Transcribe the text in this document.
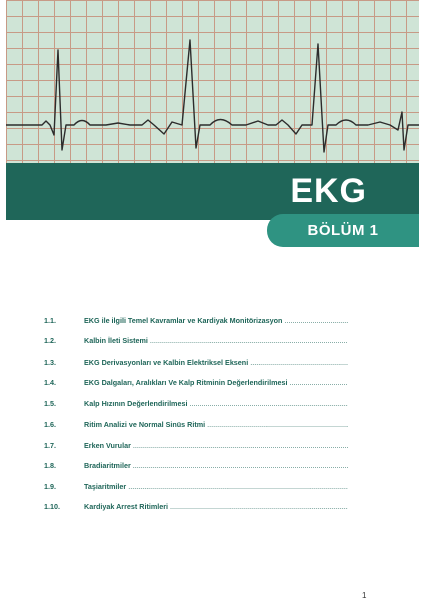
EKG
BÖLÜM 1
1.1.	EKG ile ilgili Temel Kavramlar ve Kardiyak Monitörizasyon .....
1.2.	Kalbin İleti Sistemi .....
1.3.	EKG Derivasyonları ve Kalbin Elektriksel Ekseni .....
1.4.	EKG Dalgaları, Aralıkları Ve Kalp Ritminin Değerlendirilmesi .....
1.5.	Kalp Hızının Değerlendirilmesi .....
1.6.	Ritim Analizi ve Normal Sinüs Ritmi .....
1.7.	Erken Vurular .....
1.8.	Bradiaritmiler .....
1.9.	Taşiaritmiler .....
1.10.	Kardiyak Arrest Ritimleri .....
1
